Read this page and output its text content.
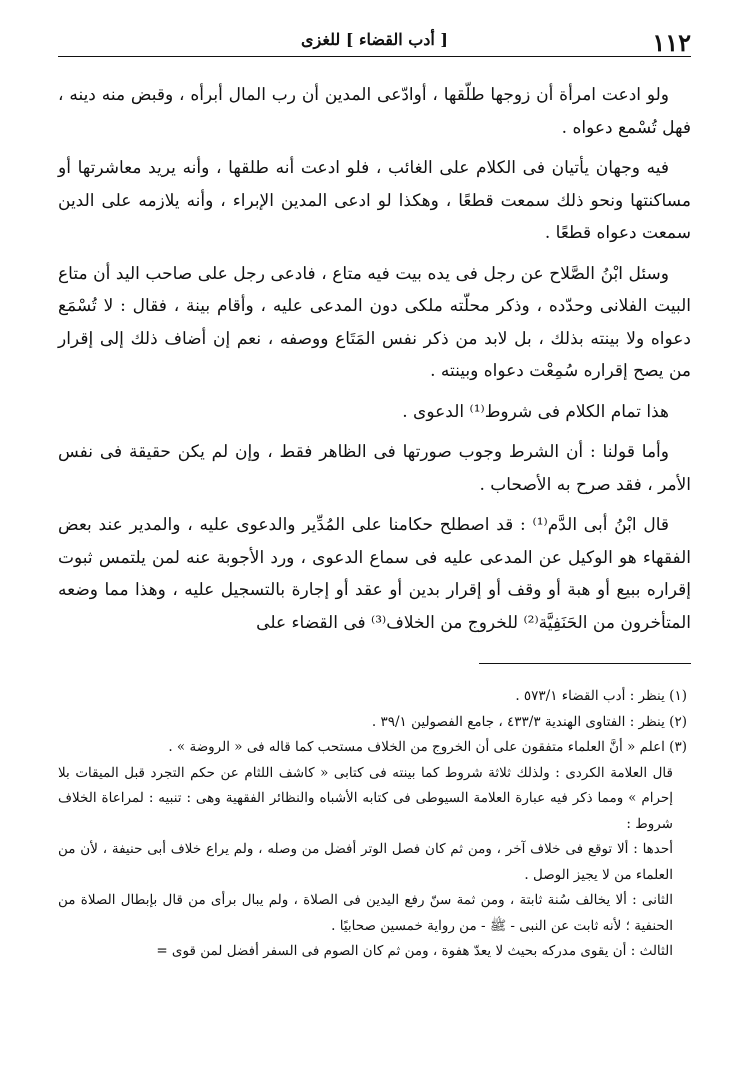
١١٢
[ أدب القضاء ] للغزى

ولو ادعت امرأة أن زوجها طلّقها ، أوادّعى المدين أن رب المال أبرأه ، وقبض منه دينه ، فهل تُسْمع دعواه .

فيه وجهان يأتيان فى الكلام على الغائب ، فلو ادعت أنه طلقها ، وأنه يريد معاشرتها أو مساكنتها ونحو ذلك سمعت قطعًا ، وهكذا لو ادعى المدين الإبراء ، وأنه يلازمه على الدين سمعت دعواه قطعًا .

وسئل ابْنُ الصَّلاح عن رجل فى يده بيت فيه متاع ، فادعى رجل على صاحب اليد أن متاع البيت الفلانى وحدّده ، وذكر محلّته ملكى دون المدعى عليه ، وأقام بينة ، فقال : لا تُسْمَع دعواه ولا بينته بذلك ، بل لابد من ذكر نفس المَتَاع ووصفه ، نعم إن أضاف ذلك إلى إقرار من يصح إقراره سُمِعْت دعواه وبينته .

هذا تمام الكلام فى شروط⁽¹⁾ الدعوى .

وأما قولنا : أن الشرط وجوب صورتها فى الظاهر فقط ، وإن لم يكن حقيقة فى نفس الأمر ، فقد صرح به الأصحاب .

قال ابْنُ أبى الدَّم⁽¹⁾ : قد اصطلح حكامنا على المُدِّير والدعوى عليه ، والمدير عند بعض الفقهاء هو الوكيل عن المدعى عليه فى سماع الدعوى ، ورد الأجوبة عنه لمن يلتمس ثبوت إقراره ببيع أو هبة أو وقف أو إقرار بدين أو عقد أو إجارة بالتسجيل عليه ، وهذا مما وضعه المتأخرون من الحَنَفِيَّة⁽²⁾ للخروج من الخلاف⁽³⁾ فى القضاء على

(١) ينظر : أدب القضاء ٥٧٣/١ .

(٢) ينظر : الفتاوى الهندية ٤٣٣/٣ ، جامع الفصولين ٣٩/١ .

(٣) اعلم « أنَّ العلماء متفقون على أن الخروج من الخلاف مستحب كما قاله فى « الروضة » .

قال العلامة الكردى : ولذلك ثلاثة شروط كما بينته فى كتابى « كاشف اللثام عن حكم التجرد قبل الميقات بلا إحرام » ومما ذكر فيه عبارة العلامة السيوطى فى كتابه الأشباه والنظائر الفقهية وهى : تنبيه : لمراعاة الخلاف شروط :

أحدها : ألا توقع فى خلاف آخر ، ومن ثم كان فصل الوتر أفضل من وصله ، ولم يراع خلاف أبى حنيفة ، لأن من العلماء من لا يجيز الوصل .

الثانى : ألا يخالف سُنة ثابتة ، ومن ثمة سنّ رفع اليدين فى الصلاة ، ولم يبال برأى من قال بإبطال الصلاة من الحنفية ؛ لأنه ثابت عن النبى - ﷺ - من رواية خمسين صحابيًا .

الثالث : أن يقوى مدركه بحيث لا يعدّ هفوة ، ومن ثم كان الصوم فى السفر أفضل لمن قوى =
